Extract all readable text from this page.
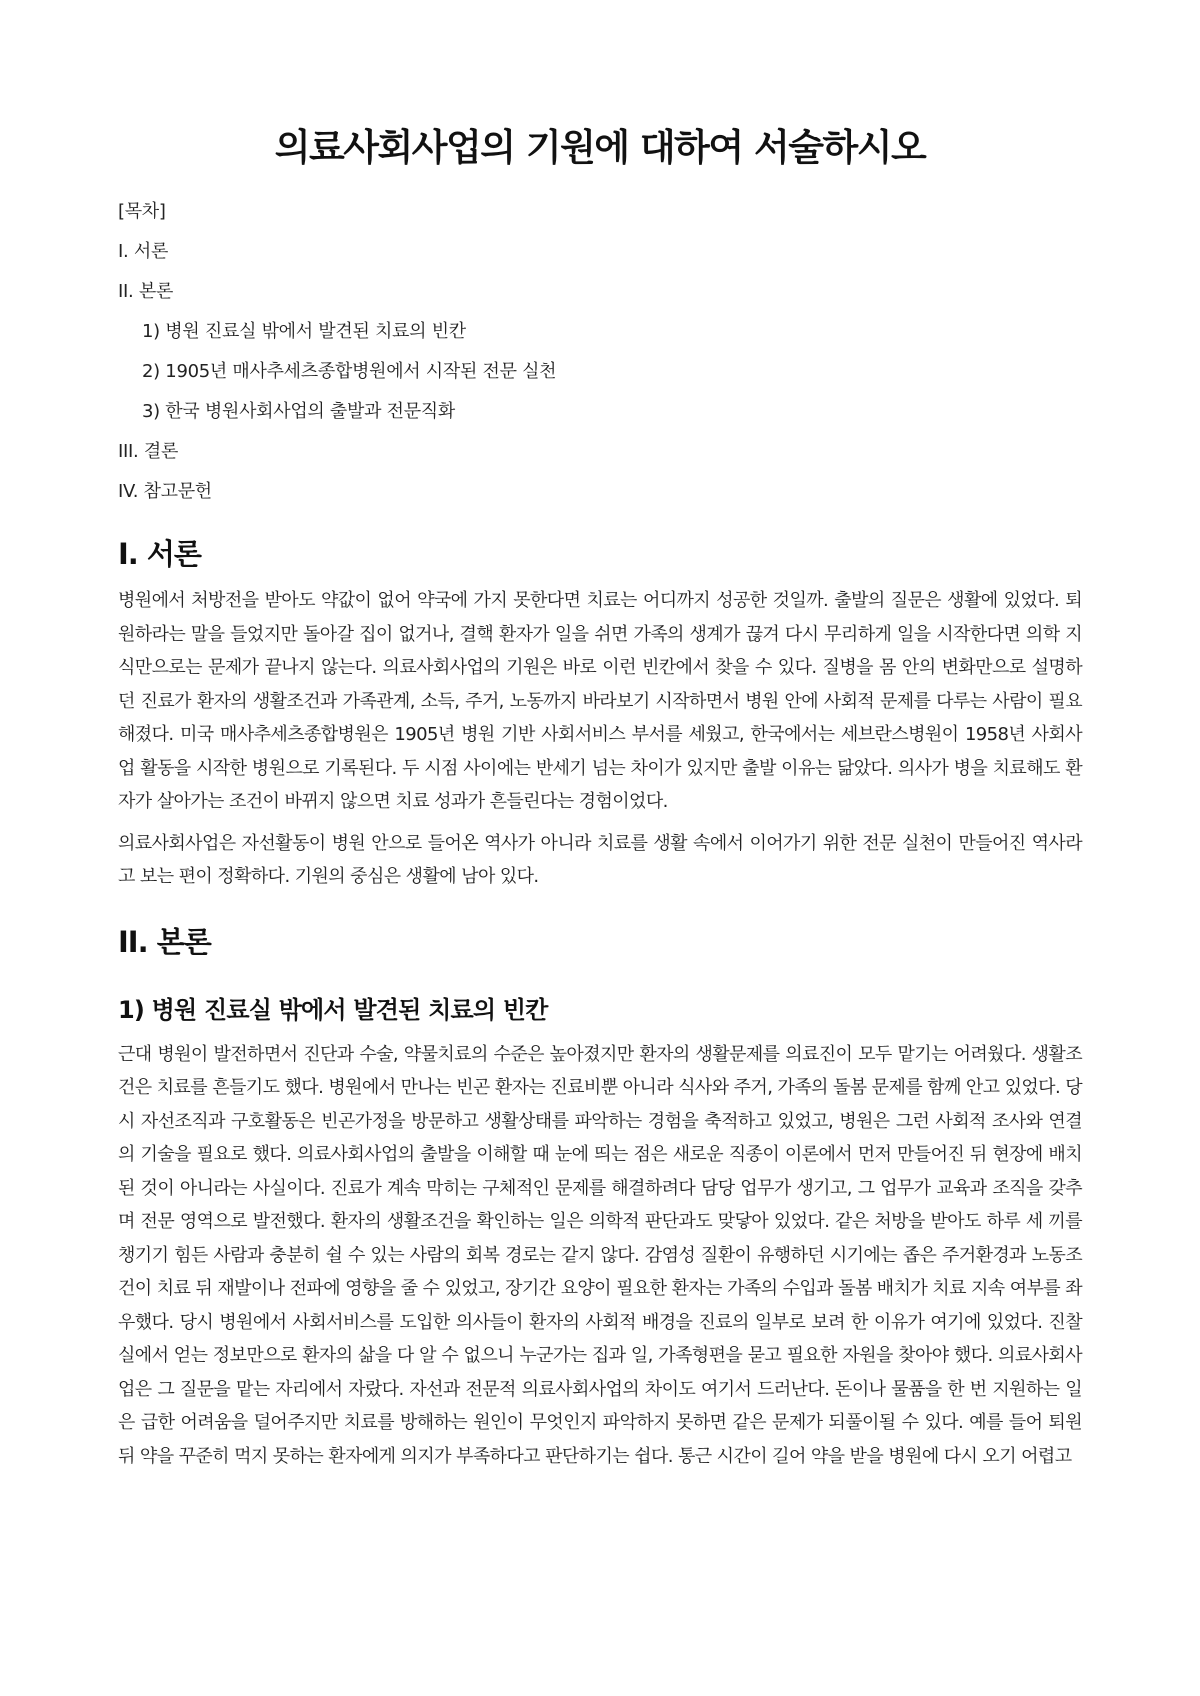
의료사회사업의 기원에 대하여 서술하시오
[목차]
I. 서론
II. 본론
1) 병원 진료실 밖에서 발견된 치료의 빈칸
2) 1905년 매사추세츠종합병원에서 시작된 전문 실천
3) 한국 병원사회사업의 출발과 전문직화
III. 결론
IV. 참고문헌
I. 서론

병원에서 처방전을 받아도 약값이 없어 약국에 가지 못한다면 치료는 어디까지 성공한 것일까. 출발의 질문은 생활에 있었다. 퇴원하라는 말을 들었지만 돌아갈 집이 없거나, 결핵 환자가 일을 쉬면 가족의 생계가 끊겨 다시 무리하게 일을 시작한다면 의학 지식만으로는 문제가 끝나지 않는다. 의료사회사업의 기원은 바로 이런 빈칸에서 찾을 수 있다. 질병을 몸 안의 변화만으로 설명하던 진료가 환자의 생활조건과 가족관계, 소득, 주거, 노동까지 바라보기 시작하면서 병원 안에 사회적 문제를 다루는 사람이 필요해졌다. 미국 매사추세츠종합병원은 1905년 병원 기반 사회서비스 부서를 세웠고, 한국에서는 세브란스병원이 1958년 사회사업 활동을 시작한 병원으로 기록된다. 두 시점 사이에는 반세기 넘는 차이가 있지만 출발 이유는 닮았다. 의사가 병을 치료해도 환자가 살아가는 조건이 바뀌지 않으면 치료 성과가 흔들린다는 경험이었다.

의료사회사업은 자선활동이 병원 안으로 들어온 역사가 아니라 치료를 생활 속에서 이어가기 위한 전문 실천이 만들어진 역사라고 보는 편이 정확하다. 기원의 중심은 생활에 남아 있다.

II. 본론
1) 병원 진료실 밖에서 발견된 치료의 빈칸

근대 병원이 발전하면서 진단과 수술, 약물치료의 수준은 높아졌지만 환자의 생활문제를 의료진이 모두 맡기는 어려웠다. 생활조건은 치료를 흔들기도 했다. 병원에서 만나는 빈곤 환자는 진료비뿐 아니라 식사와 주거, 가족의 돌봄 문제를 함께 안고 있었다. 당시 자선조직과 구호활동은 빈곤가정을 방문하고 생활상태를 파악하는 경험을 축적하고 있었고, 병원은 그런 사회적 조사와 연결의 기술을 필요로 했다. 의료사회사업의 출발을 이해할 때 눈에 띄는 점은 새로운 직종이 이론에서 먼저 만들어진 뒤 현장에 배치된 것이 아니라는 사실이다. 진료가 계속 막히는 구체적인 문제를 해결하려다 담당 업무가 생기고, 그 업무가 교육과 조직을 갖추며 전문 영역으로 발전했다. 환자의 생활조건을 확인하는 일은 의학적 판단과도 맞닿아 있었다. 같은 처방을 받아도 하루 세 끼를 챙기기 힘든 사람과 충분히 쉴 수 있는 사람의 회복 경로는 같지 않다. 감염성 질환이 유행하던 시기에는 좁은 주거환경과 노동조건이 치료 뒤 재발이나 전파에 영향을 줄 수 있었고, 장기간 요양이 필요한 환자는 가족의 수입과 돌봄 배치가 치료 지속 여부를 좌우했다. 당시 병원에서 사회서비스를 도입한 의사들이 환자의 사회적 배경을 진료의 일부로 보려 한 이유가 여기에 있었다. 진찰실에서 얻는 정보만으로 환자의 삶을 다 알 수 없으니 누군가는 집과 일, 가족형편을 묻고 필요한 자원을 찾아야 했다. 의료사회사업은 그 질문을 맡는 자리에서 자랐다. 자선과 전문적 의료사회사업의 차이도 여기서 드러난다. 돈이나 물품을 한 번 지원하는 일은 급한 어려움을 덜어주지만 치료를 방해하는 원인이 무엇인지 파악하지 못하면 같은 문제가 되풀이될 수 있다. 예를 들어 퇴원 뒤 약을 꾸준히 먹지 못하는 환자에게 의지가 부족하다고 판단하기는 쉽다. 통근 시간이 길어 약을 받을 병원에 다시 오기 어렵고
